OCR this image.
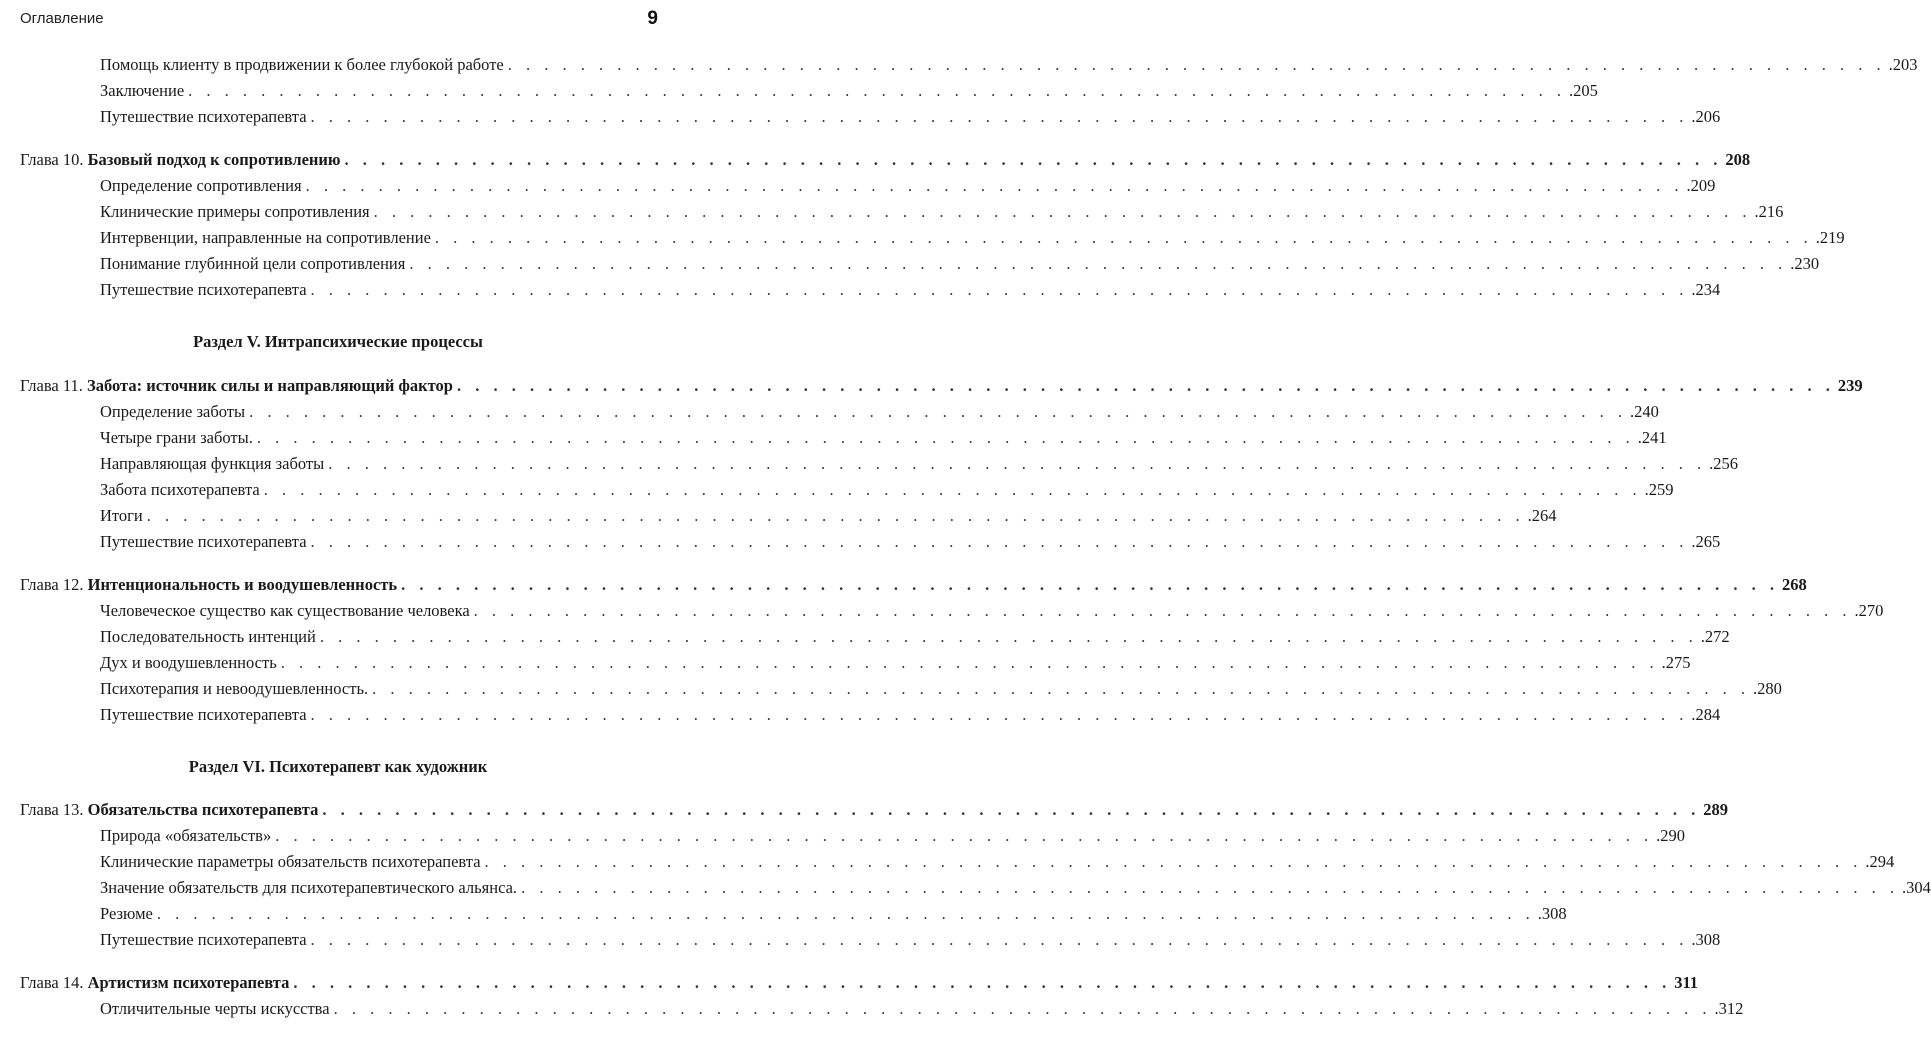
Оглавление	9
Помощь клиенту в продвижении к более глубокой работе . . . . . . . . . . . . . . . . . . . . . . . . . . . . . . . . . . . . . . . . . . . . . . . . . . . . . . . . . . . . . . . . . . . . . . . . . . . . .203
Заключение . . . . . . . . . . . . . . . . . . . . . . . . . . . . . . . . . . . . . . . . . . . . . . . . . . . . . . . . . . . . . . . . . . . . . . . . . . . . .205
Путешествие психотерапевта . . . . . . . . . . . . . . . . . . . . . . . . . . . . . . . . . . . . . . . . . . . . . . . . . . . . . . . . . . . . . . . . . . . . . . . . . . . . .206
Глава 10. Базовый подход к сопротивлению . . . . . . . . . . . . . . . . . . . . . . . . . . . . . . . . . . . . . . . . . . . . . . . . . . . . . . . . . . . . . . . . . . . . . . . . . . . . 208
Определение сопротивления . . . . . . . . . . . . . . . . . . . . . . . . . . . . . . . . . . . . . . . . . . . . . . . . . . . . . . . . . . . . . . . . . . . . . . . . . . . . .209
Клинические примеры сопротивления . . . . . . . . . . . . . . . . . . . . . . . . . . . . . . . . . . . . . . . . . . . . . . . . . . . . . . . . . . . . . . . . . . . . . . . . . . . . .216
Интервенции, направленные на сопротивление . . . . . . . . . . . . . . . . . . . . . . . . . . . . . . . . . . . . . . . . . . . . . . . . . . . . . . . . . . . . . . . . . . . . . . . . . . . . .219
Понимание глубинной цели сопротивления . . . . . . . . . . . . . . . . . . . . . . . . . . . . . . . . . . . . . . . . . . . . . . . . . . . . . . . . . . . . . . . . . . . . . . . . . . . . .230
Путешествие психотерапевта . . . . . . . . . . . . . . . . . . . . . . . . . . . . . . . . . . . . . . . . . . . . . . . . . . . . . . . . . . . . . . . . . . . . . . . . . . . . .234
Раздел V. Интрапсихические процессы
Глава 11. Забота: источник силы и направляющий фактор . . . . . . . . . . . . . . . . . . . . . . . . . . . . . . . . . . . . . . . . . . . . . . . . . . . . . . . . . . . . . . . . . . . . . . . . . . . . 239
Определение заботы . . . . . . . . . . . . . . . . . . . . . . . . . . . . . . . . . . . . . . . . . . . . . . . . . . . . . . . . . . . . . . . . . . . . . . . . . . . . .240
Четыре грани заботы. . . . . . . . . . . . . . . . . . . . . . . . . . . . . . . . . . . . . . . . . . . . . . . . . . . . . . . . . . . . . . . . . . . . . . . . . . . . . .241
Направляющая функция заботы . . . . . . . . . . . . . . . . . . . . . . . . . . . . . . . . . . . . . . . . . . . . . . . . . . . . . . . . . . . . . . . . . . . . . . . . . . . . .256
Забота психотерапевта . . . . . . . . . . . . . . . . . . . . . . . . . . . . . . . . . . . . . . . . . . . . . . . . . . . . . . . . . . . . . . . . . . . . . . . . . . . . .259
Итоги . . . . . . . . . . . . . . . . . . . . . . . . . . . . . . . . . . . . . . . . . . . . . . . . . . . . . . . . . . . . . . . . . . . . . . . . . . . . .264
Путешествие психотерапевта . . . . . . . . . . . . . . . . . . . . . . . . . . . . . . . . . . . . . . . . . . . . . . . . . . . . . . . . . . . . . . . . . . . . . . . . . . . . .265
Глава 12. Интенциональность и воодушевленность . . . . . . . . . . . . . . . . . . . . . . . . . . . . . . . . . . . . . . . . . . . . . . . . . . . . . . . . . . . . . . . . . . . . . . . . . . . . 268
Человеческое существо как существование человека . . . . . . . . . . . . . . . . . . . . . . . . . . . . . . . . . . . . . . . . . . . . . . . . . . . . . . . . . . . . . . . . . . . . . . . . . . . . .270
Последовательность интенций . . . . . . . . . . . . . . . . . . . . . . . . . . . . . . . . . . . . . . . . . . . . . . . . . . . . . . . . . . . . . . . . . . . . . . . . . . . . .272
Дух и воодушевленность . . . . . . . . . . . . . . . . . . . . . . . . . . . . . . . . . . . . . . . . . . . . . . . . . . . . . . . . . . . . . . . . . . . . . . . . . . . . .275
Психотерапия и невоодушевленность. . . . . . . . . . . . . . . . . . . . . . . . . . . . . . . . . . . . . . . . . . . . . . . . . . . . . . . . . . . . . . . . . . . . . . . . . . . . . .280
Путешествие психотерапевта . . . . . . . . . . . . . . . . . . . . . . . . . . . . . . . . . . . . . . . . . . . . . . . . . . . . . . . . . . . . . . . . . . . . . . . . . . . . .284
Раздел VI. Психотерапевт как художник
Глава 13. Обязательства психотерапевта . . . . . . . . . . . . . . . . . . . . . . . . . . . . . . . . . . . . . . . . . . . . . . . . . . . . . . . . . . . . . . . . . . . . . . . . . . . . 289
Природа «обязательств» . . . . . . . . . . . . . . . . . . . . . . . . . . . . . . . . . . . . . . . . . . . . . . . . . . . . . . . . . . . . . . . . . . . . . . . . . . . . .290
Клинические параметры обязательств психотерапевта . . . . . . . . . . . . . . . . . . . . . . . . . . . . . . . . . . . . . . . . . . . . . . . . . . . . . . . . . . . . . . . . . . . . . . . . . . . . .294
Значение обязательств для психотерапевтического альянса. . . . . . . . . . . . . . . . . . . . . . . . . . . . . . . . . . . . . . . . . . . . . . . . . . . . . . . . . . . . . . . . . . . . . . . . . . . . . .304
Резюме . . . . . . . . . . . . . . . . . . . . . . . . . . . . . . . . . . . . . . . . . . . . . . . . . . . . . . . . . . . . . . . . . . . . . . . . . . . . .308
Путешествие психотерапевта . . . . . . . . . . . . . . . . . . . . . . . . . . . . . . . . . . . . . . . . . . . . . . . . . . . . . . . . . . . . . . . . . . . . . . . . . . . . .308
Глава 14. Артистизм психотерапевта . . . . . . . . . . . . . . . . . . . . . . . . . . . . . . . . . . . . . . . . . . . . . . . . . . . . . . . . . . . . . . . . . . . . . . . . . . . . 311
Отличительные черты искусства . . . . . . . . . . . . . . . . . . . . . . . . . . . . . . . . . . . . . . . . . . . . . . . . . . . . . . . . . . . . . . . . . . . . . . . . . . . . .312
